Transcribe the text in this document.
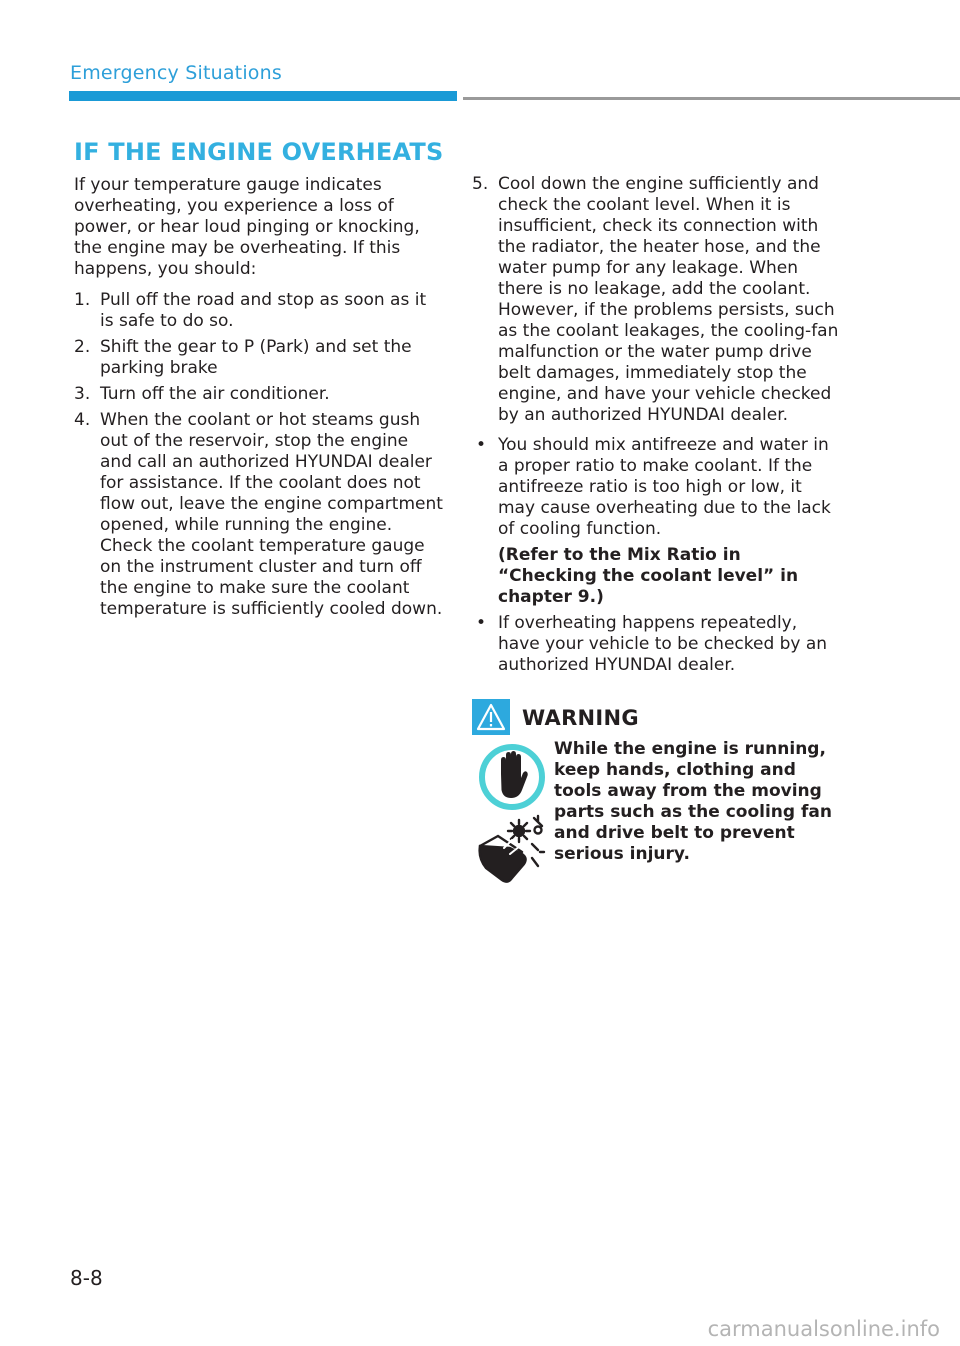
Emergency Situations
IF THE ENGINE OVERHEATS

If your temperature gauge indicates overheating, you experience a loss of power, or hear loud pinging or knocking, the engine may be overheating. If this happens, you should:

1. Pull off the road and stop as soon as it is safe to do so.
2. Shift the gear to P (Park) and set the parking brake
3. Turn off the air conditioner.
4. When the coolant or hot steams gush out of the reservoir, stop the engine and call an authorized HYUNDAI dealer for assistance. If the coolant does not flow out, leave the engine compartment opened, while running the engine. Check the coolant temperature gauge on the instrument cluster and turn off the engine to make sure the coolant temperature is sufficiently cooled down.
5. Cool down the engine sufficiently and check the coolant level. When it is insufficient, check its connection with the radiator, the heater hose, and the water pump for any leakage. When there is no leakage, add the coolant. However, if the problems persists, such as the coolant leakages, the cooling-fan malfunction or the water pump drive belt damages, immediately stop the engine, and have your vehicle checked by an authorized HYUNDAI dealer.
• You should mix antifreeze and water in a proper ratio to make coolant. If the antifreeze ratio is too high or low, it may cause overheating due to the lack of cooling function.
(Refer to the Mix Ratio in “Checking the coolant level” in chapter 9.)
• If overheating happens repeatedly, have your vehicle to be checked by an authorized HYUNDAI dealer.
WARNING
While the engine is running, keep hands, clothing and tools away from the moving parts such as the cooling fan and drive belt to prevent serious injury.
8-8
carmanualsonline.info
